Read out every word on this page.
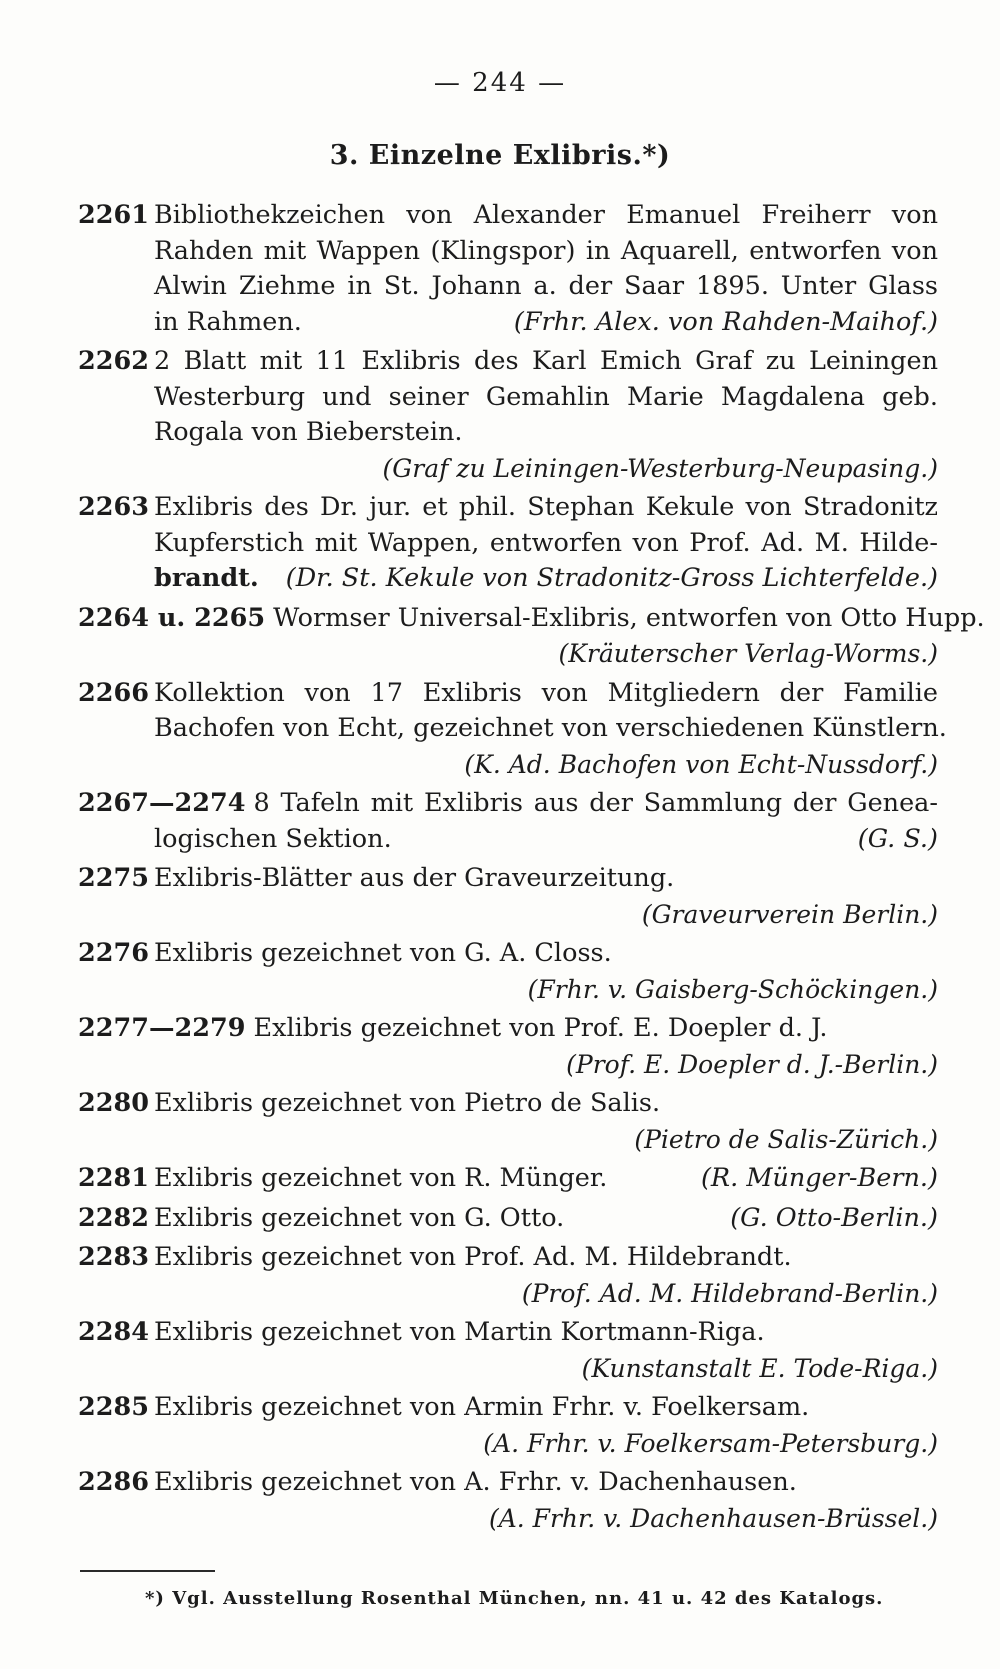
— 244 —
3. Einzelne Exlibris.*)
2261 Bibliothekzeichen von Alexander Emanuel Freiherr von
Rahden mit Wappen (Klingspor) in Aquarell, entworfen von
Alwin Ziehme in St. Johann a. der Saar 1895. Unter Glass
in Rahmen.	(Frhr. Alex. von Rahden-Maihof.)
2262 2 Blatt mit 11 Exlibris des Karl Emich Graf zu Leiningen
Westerburg und seiner Gemahlin Marie Magdalena geb.
Rogala von Bieberstein.
(Graf zu Leiningen-Westerburg-Neupasing.)
2263 Exlibris des Dr. jur. et phil. Stephan Kekule von Stradonitz
Kupferstich mit Wappen, entworfen von Prof. Ad. M. Hilde-
brandt. (Dr. St. Kekule von Stradonitz-Gross Lichterfelde.)
2264 u. 2265 Wormser Universal-Exlibris, entworfen von Otto Hupp.
(Kräuterscher Verlag-Worms.)
2266 Kollektion von 17 Exlibris von Mitgliedern der Familie
Bachofen von Echt, gezeichnet von verschiedenen Künstlern.
(K. Ad. Bachofen von Echt-Nussdorf.)
2267—2274 8 Tafeln mit Exlibris aus der Sammlung der Genea-
logischen Sektion.	(G. S.)
2275 Exlibris-Blätter aus der Graveurzeitung.
(Graveurverein Berlin.)
2276 Exlibris gezeichnet von G. A. Closs.
(Frhr. v. Gaisberg-Schöckingen.)
2277—2279 Exlibris gezeichnet von Prof. E. Doepler d. J.
(Prof. E. Doepler d. J.-Berlin.)
2280 Exlibris gezeichnet von Pietro de Salis.
(Pietro de Salis-Zürich.)
2281 Exlibris gezeichnet von R. Münger.	(R. Münger-Bern.)
2282 Exlibris gezeichnet von G. Otto.	(G. Otto-Berlin.)
2283 Exlibris gezeichnet von Prof. Ad. M. Hildebrandt.
(Prof. Ad. M. Hildebrand-Berlin.)
2284 Exlibris gezeichnet von Martin Kortmann-Riga.
(Kunstanstalt E. Tode-Riga.)
2285 Exlibris gezeichnet von Armin Frhr. v. Foelkersam.
(A. Frhr. v. Foelkersam-Petersburg.)
2286 Exlibris gezeichnet von A. Frhr. v. Dachenhausen.
(A. Frhr. v. Dachenhausen-Brüssel.)
*) Vgl. Ausstellung Rosenthal München, nn. 41 u. 42 des Katalogs.
